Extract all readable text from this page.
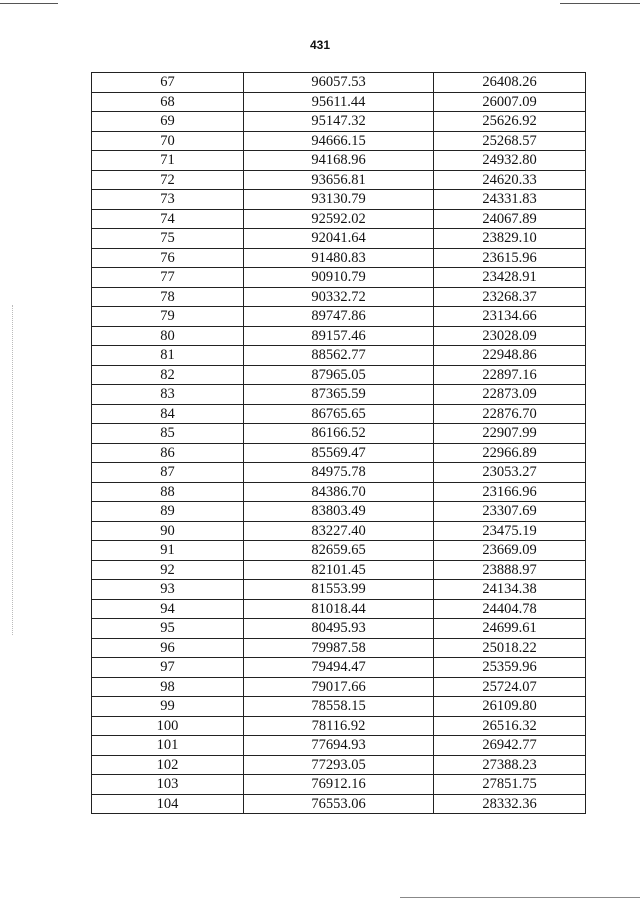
431
67	96057.53	26408.26
68	95611.44	26007.09
69	95147.32	25626.92
70	94666.15	25268.57
71	94168.96	24932.80
72	93656.81	24620.33
73	93130.79	24331.83
74	92592.02	24067.89
75	92041.64	23829.10
76	91480.83	23615.96
77	90910.79	23428.91
78	90332.72	23268.37
79	89747.86	23134.66
80	89157.46	23028.09
81	88562.77	22948.86
82	87965.05	22897.16
83	87365.59	22873.09
84	86765.65	22876.70
85	86166.52	22907.99
86	85569.47	22966.89
87	84975.78	23053.27
88	84386.70	23166.96
89	83803.49	23307.69
90	83227.40	23475.19
91	82659.65	23669.09
92	82101.45	23888.97
93	81553.99	24134.38
94	81018.44	24404.78
95	80495.93	24699.61
96	79987.58	25018.22
97	79494.47	25359.96
98	79017.66	25724.07
99	78558.15	26109.80
100	78116.92	26516.32
101	77694.93	26942.77
102	77293.05	27388.23
103	76912.16	27851.75
104	76553.06	28332.36
